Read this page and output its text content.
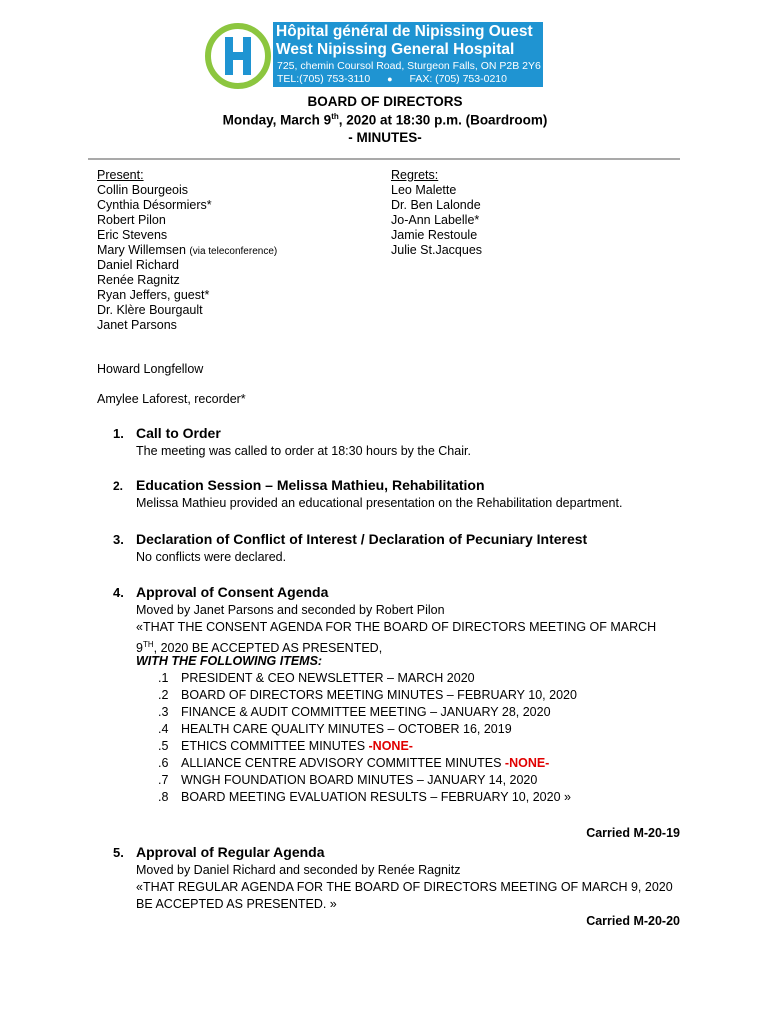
Hôpital général de Nipissing Ouest
West Nipissing General Hospital
725, chemin Coursol Road, Sturgeon Falls, ON P2B 2Y6
TEL:(705) 753-3110 ● FAX: (705) 753-0210
BOARD OF DIRECTORS
Monday, March 9th, 2020 at 18:30 p.m. (Boardroom)
- MINUTES-
Present:
Collin Bourgeois
Cynthia Désormiers*
Robert Pilon
Eric Stevens
Mary Willemsen (via teleconference)
Daniel Richard
Renée Ragnitz
Ryan Jeffers, guest*
Dr. Klère Bourgault
Janet Parsons
Regrets:
Leo Malette
Dr. Ben Lalonde
Jo-Ann Labelle*
Jamie Restoule
Julie St.Jacques
Howard Longfellow
Amylee Laforest, recorder*
1. Call to Order
The meeting was called to order at 18:30 hours by the Chair.
2. Education Session – Melissa Mathieu, Rehabilitation
Melissa Mathieu provided an educational presentation on the Rehabilitation department.
3. Declaration of Conflict of Interest / Declaration of Pecuniary Interest
No conflicts were declared.
4. Approval of Consent Agenda
Moved by Janet Parsons and seconded by Robert Pilon
«THAT THE CONSENT AGENDA FOR THE BOARD OF DIRECTORS MEETING OF MARCH
9TH, 2020 BE ACCEPTED AS PRESENTED,
WITH THE FOLLOWING ITEMS:
.1 PRESIDENT & CEO NEWSLETTER – MARCH 2020
.2 BOARD OF DIRECTORS MEETING MINUTES – FEBRUARY 10, 2020
.3 FINANCE & AUDIT COMMITTEE MEETING – JANUARY 28, 2020
.4 HEALTH CARE QUALITY MINUTES – OCTOBER 16, 2019
.5 ETHICS COMMITTEE MINUTES -NONE-
.6 ALLIANCE CENTRE ADVISORY COMMITTEE MINUTES -NONE-
.7 WNGH FOUNDATION BOARD MINUTES – JANUARY 14, 2020
.8 BOARD MEETING EVALUATION RESULTS – FEBRUARY 10, 2020 »
Carried M-20-19
5. Approval of Regular Agenda
Moved by Daniel Richard and seconded by Renée Ragnitz
«THAT REGULAR AGENDA FOR THE BOARD OF DIRECTORS MEETING OF MARCH 9, 2020
BE ACCEPTED AS PRESENTED. »
Carried M-20-20
